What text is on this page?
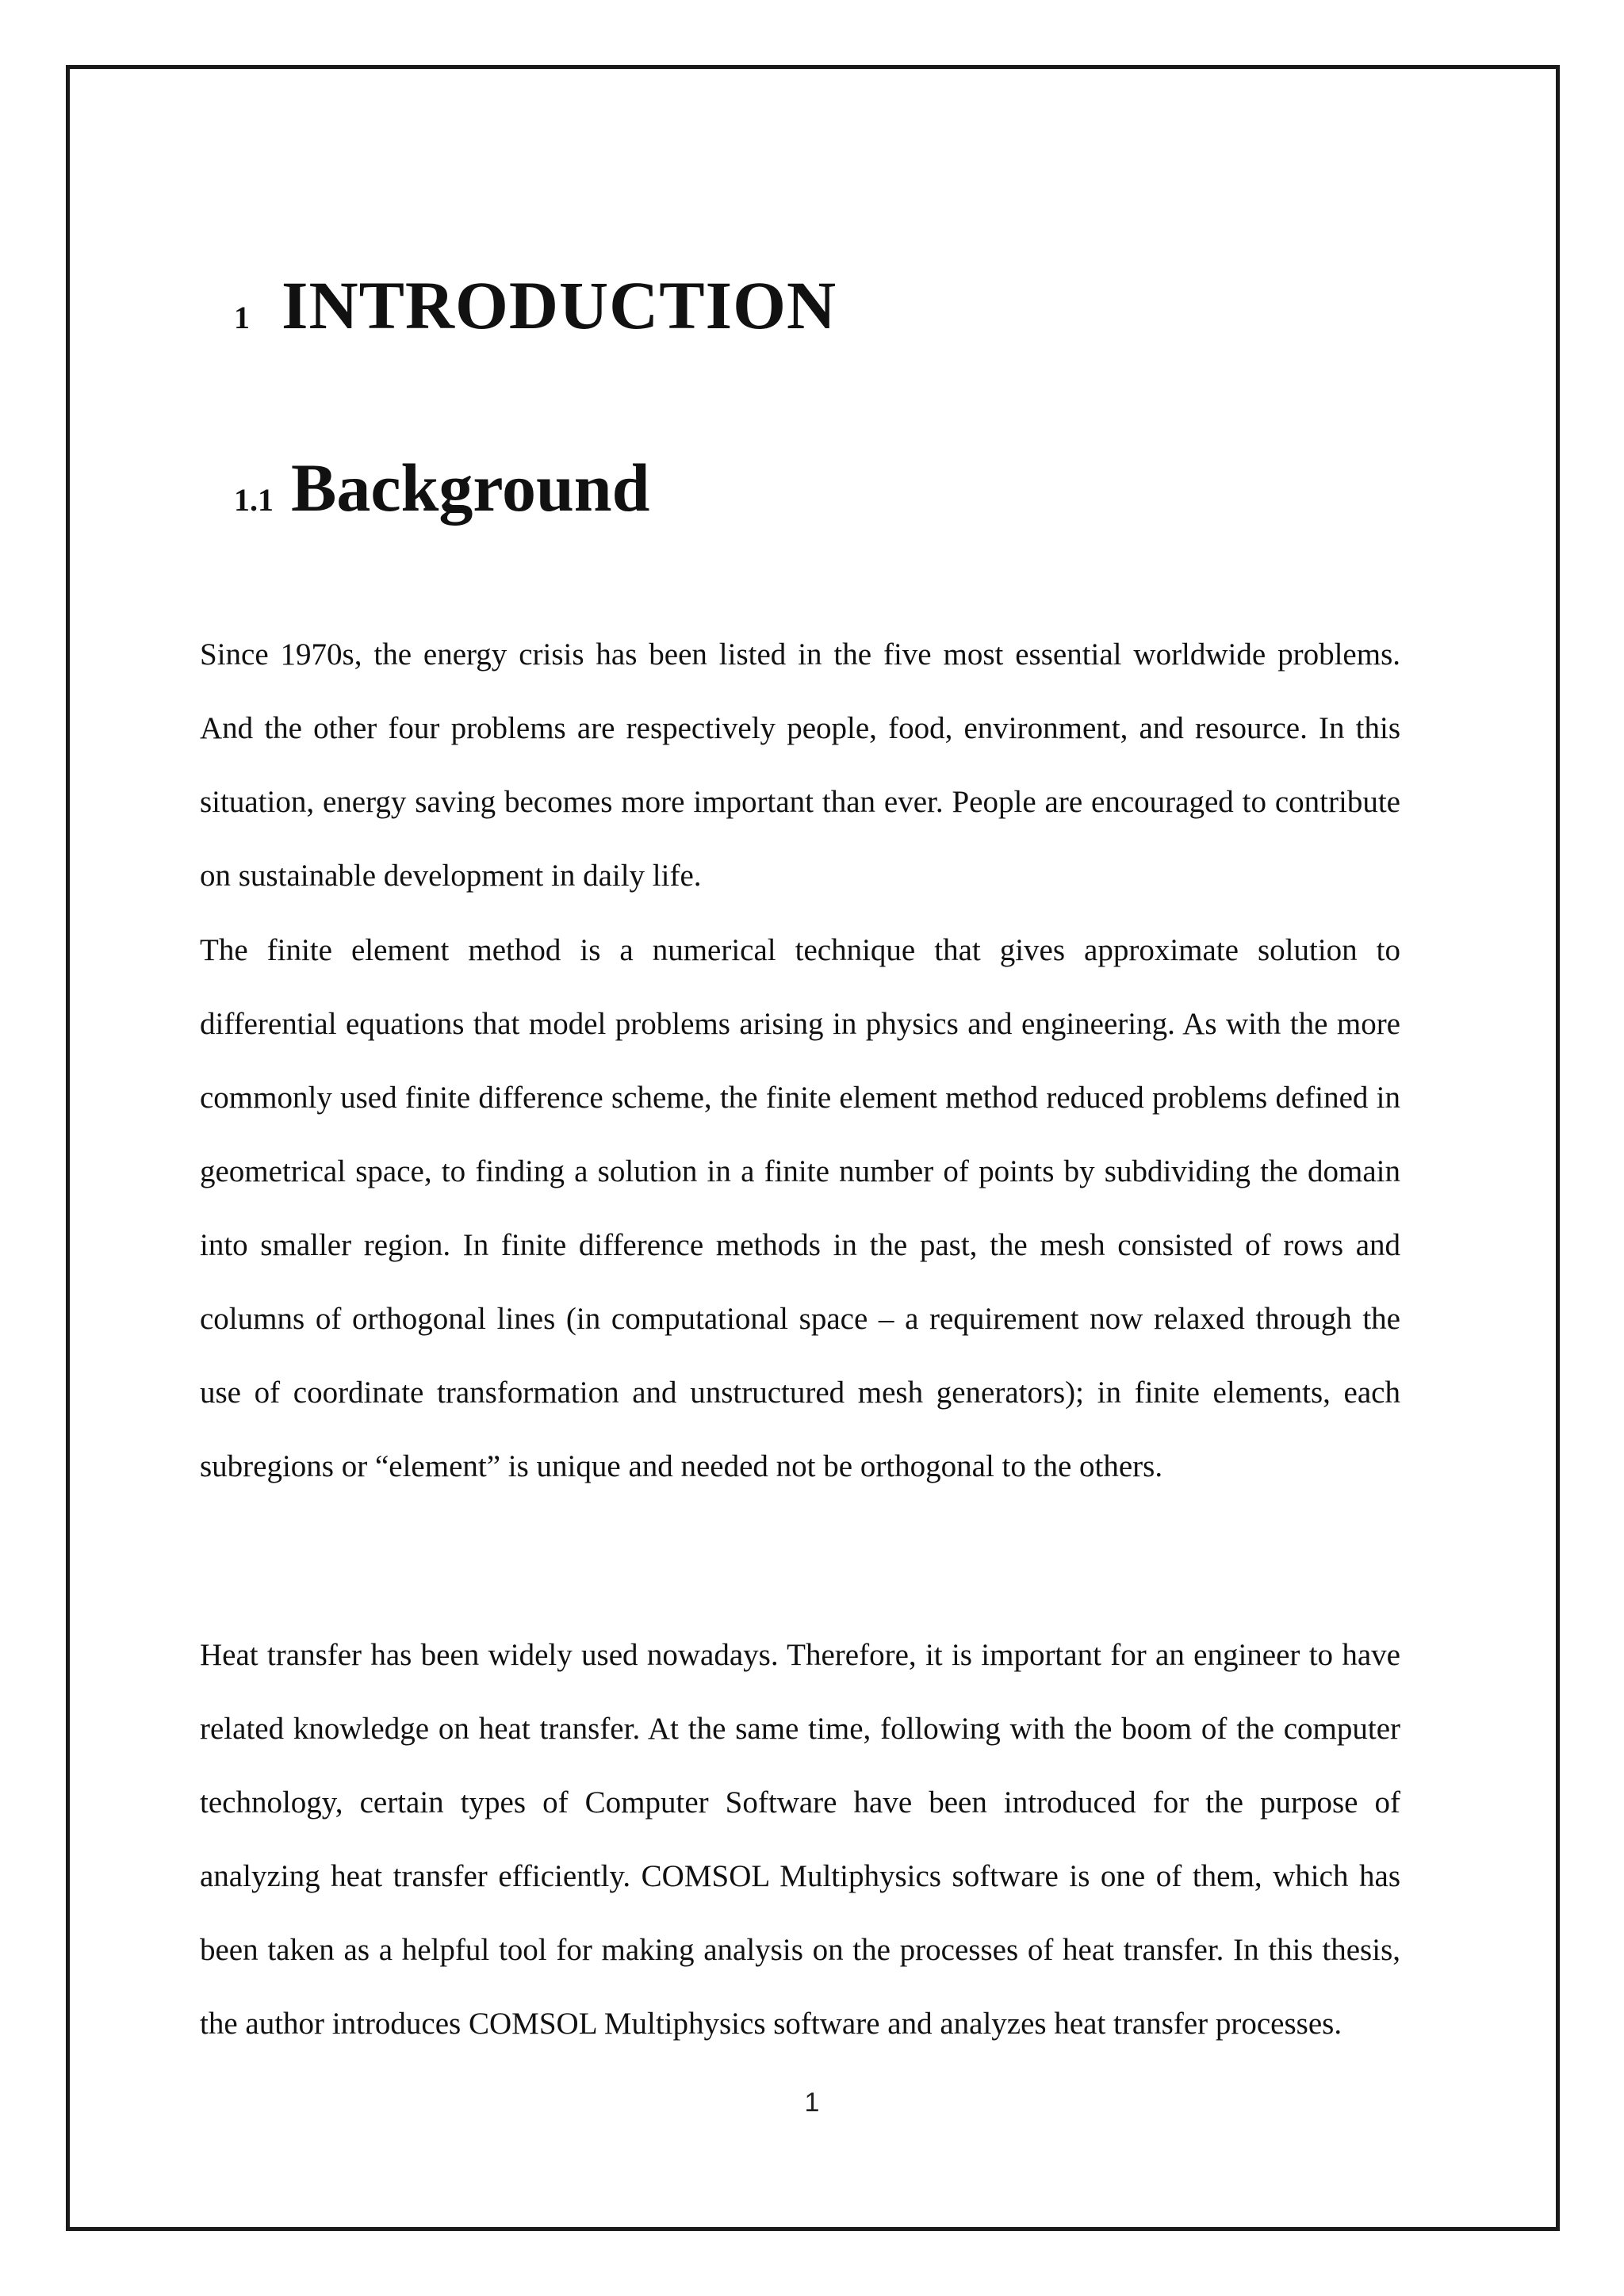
1 INTRODUCTION
1.1 Background

Since 1970s, the energy crisis has been listed in the five most essential worldwide problems. And the other four problems are respectively people, food, environment, and resource. In this situation, energy saving becomes more important than ever. People are encouraged to contribute on sustainable development in daily life.

The finite element method is a numerical technique that gives approximate solution to differential equations that model problems arising in physics and engineering. As with the more commonly used finite difference scheme, the finite element method reduced problems defined in geometrical space, to finding a solution in a finite number of points by subdividing the domain into smaller region. In finite difference methods in the past, the mesh consisted of rows and columns of orthogonal lines (in computational space – a requirement now relaxed through the use of coordinate transformation and unstructured mesh generators); in finite elements, each subregions or “element” is unique and needed not be orthogonal to the others.

Heat transfer has been widely used nowadays. Therefore, it is important for an engineer to have related knowledge on heat transfer. At the same time, following with the boom of the computer technology, certain types of Computer Software have been introduced for the purpose of analyzing heat transfer efficiently. COMSOL Multiphysics software is one of them, which has been taken as a helpful tool for making analysis on the processes of heat transfer. In this thesis, the author introduces COMSOL Multiphysics software and analyzes heat transfer processes.

1
